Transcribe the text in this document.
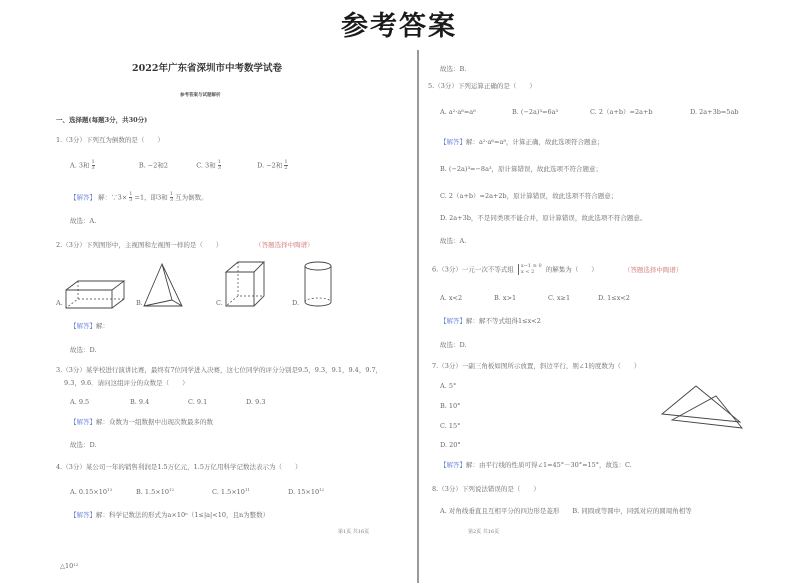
参考答案
2022年广东省深圳市中考数学试卷
参考答案与试题解析
一、选择题(每题3分，共30分)
1.（3分）下列互为倒数的是（　　）
A. 3和 $\frac{1}{3}$	B. −2和2	C. 3和 $\frac{1}{3}$	D. −2和 $\frac{1}{2}$
【解答】 解：∵3× $\frac{1}{3} =1$，即3和 $\frac{1}{3}$ 互为倒数。
故选：A.
2.（3分）下列图形中，主视图和左视图一样的是（　　）	（答题选择中陶谱）
A.	B.	C.	D.
【解答】解：
故选：D.
3.（3分）某学校进行演讲比赛，最终有7位同学进入决赛，这七位同学的评分分别是9.5，9.3，9.1，9.4，9.7，
9.3，9.6．请问这组评分的众数是（　　）
A. 9.5	B. 9.4	C. 9.1	D. 9.3
【解答】解：众数为一组数据中出现次数最多的数
故选：D.
4.（3分）某公司一年的销售利润是1.5万亿元，1.5万亿用科学记数法表示为（　　）
A. $0.15\times 10^{13}$	B. $1.5\times 10^{12}$	C. $1.5\times 10^{11}$	D. $15\times 10^{12}$
【解答】解：科学记数法的形式为a×10ⁿ（1≤|a|<10，且n为整数）
第1页 共16页
△10¹²
故选：B.
5.（3分）下列运算正确的是（　　）
A. a²·a⁶=a⁸	B. (−2a)³=6a³	C. 2（a+b）=2a+b	D. 2a+3b=5ab
【解答】解：a²·a⁶=a⁸，计算正确，故此选项符合题意；
B. (−2a)³=−8a³，原计算错误，故此选项不符合题意；
C. 2（a+b）=2a+2b，原计算错误，故此选项不符合题意；
D. 2a+3b，不是同类项不能合并，原计算错误，故此选项不符合题意。
故选：A.
6.（3分）一元一次不等式组 x−1 ≥ 0
x < 2	的解集为（　　）	（答题选择中陶谱）
A. x<2	B. x>1	C. x≥1	D. 1≤x<2
【解答】解：解不等式组得1≤x<2
故选：D.
7.（3分）一副三角板如图所示放置，斜边平行，则∠1的度数为（　　）
A. 5°
B. 10°
C. 15°
D. 20°
【解答】解：由平行线的性质可得∠1=45°－30°=15°，故选：C.
8.（3分）下列说法错误的是（　　）
A. 对角线垂直且互相平分的四边形是菱形　　B. 同圆或等圆中，同弧对应的圆周角相等
第2页 共16页
